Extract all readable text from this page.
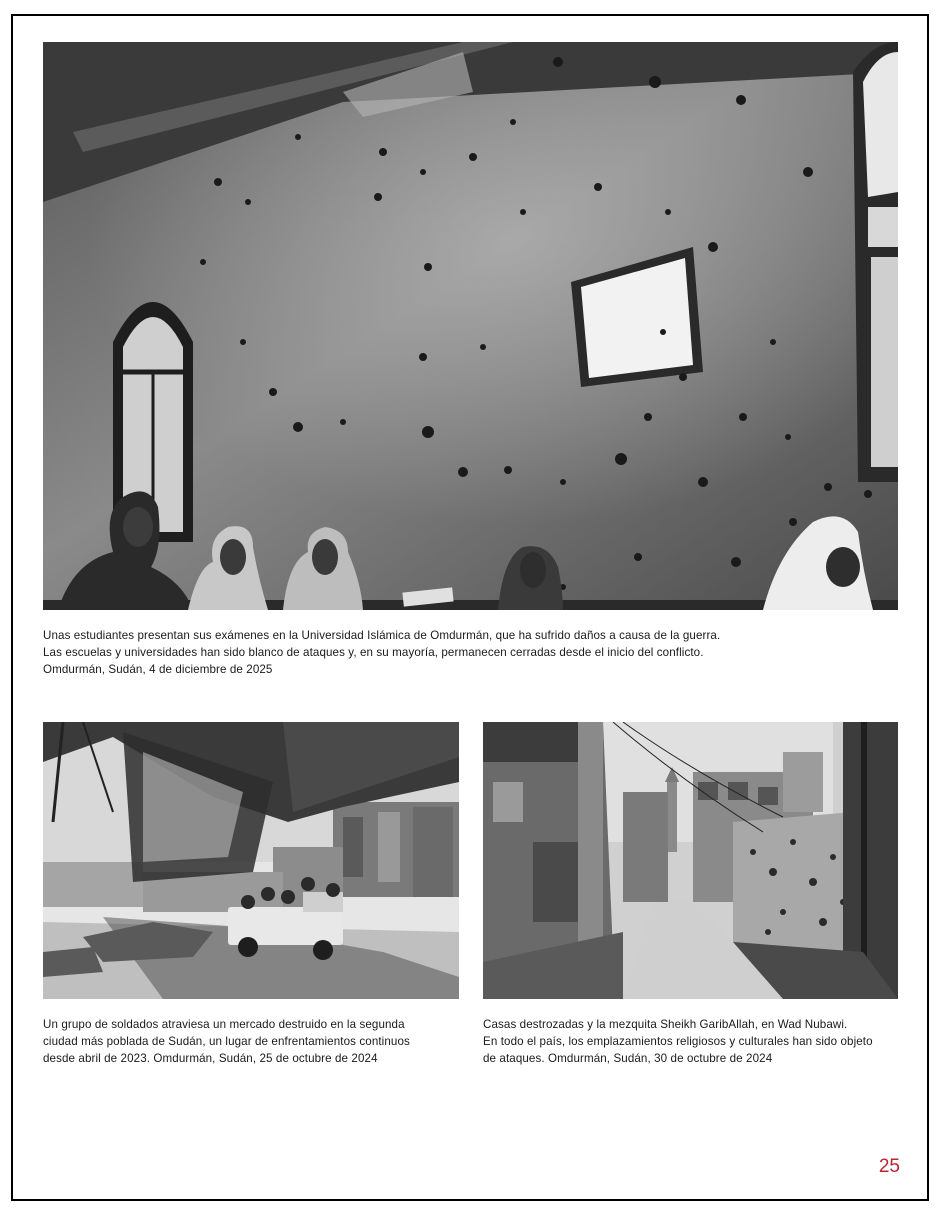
Unas estudiantes presentan sus exámenes en la Universidad Islámica de Omdurmán, que ha sufrido daños a causa de la guerra.
Las escuelas y universidades han sido blanco de ataques y, en su mayoría, permanecen cerradas desde el inicio del conflicto.
Omdurmán, Sudán, 4 de diciembre de 2025
Un grupo de soldados atraviesa un mercado destruido en la segunda
ciudad más poblada de Sudán, un lugar de enfrentamientos continuos
desde abril de 2023. Omdurmán, Sudán, 25 de octubre de 2024
Casas destrozadas y la mezquita Sheikh GaribAllah, en Wad Nubawi.
En todo el país, los emplazamientos religiosos y culturales han sido objeto
de ataques. Omdurmán, Sudán, 30 de octubre de 2024
25
